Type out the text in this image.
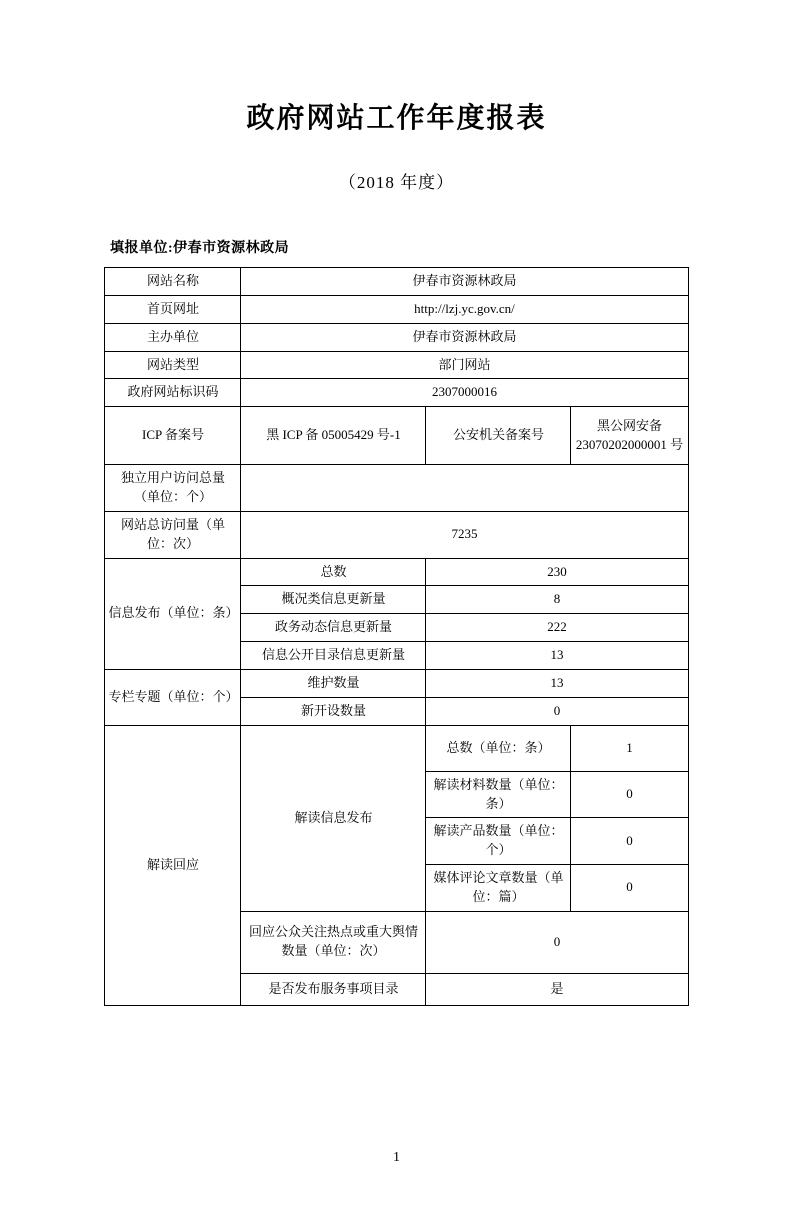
政府网站工作年度报表
（2018 年度）
填报单位:伊春市资源林政局
网站名称	伊春市资源林政局		
首页网址	http://lzj.yc.gov.cn/		
主办单位	伊春市资源林政局		
网站类型	部门网站		
政府网站标识码	2307000016		
ICP 备案号	黑 ICP 备 05005429 号-1	公安机关备案号	黑公网安备 23070202000001 号
独立用户访问总量（单位：个）			
网站总访问量（单位：次）	7235		
信息发布（单位：条）	总数	230	
	概况类信息更新量	8	
	政务动态信息更新量	222	
	信息公开目录信息更新量	13	
专栏专题（单位：个）	维护数量	13	
	新开设数量	0	
解读回应	解读信息发布	总数（单位：条）	1
		解读材料数量（单位：条）	0
		解读产品数量（单位：个）	0
		媒体评论文章数量（单位：篇）	0
	回应公众关注热点或重大舆情数量（单位：次）	0	
	是否发布服务事项目录	是	
1
